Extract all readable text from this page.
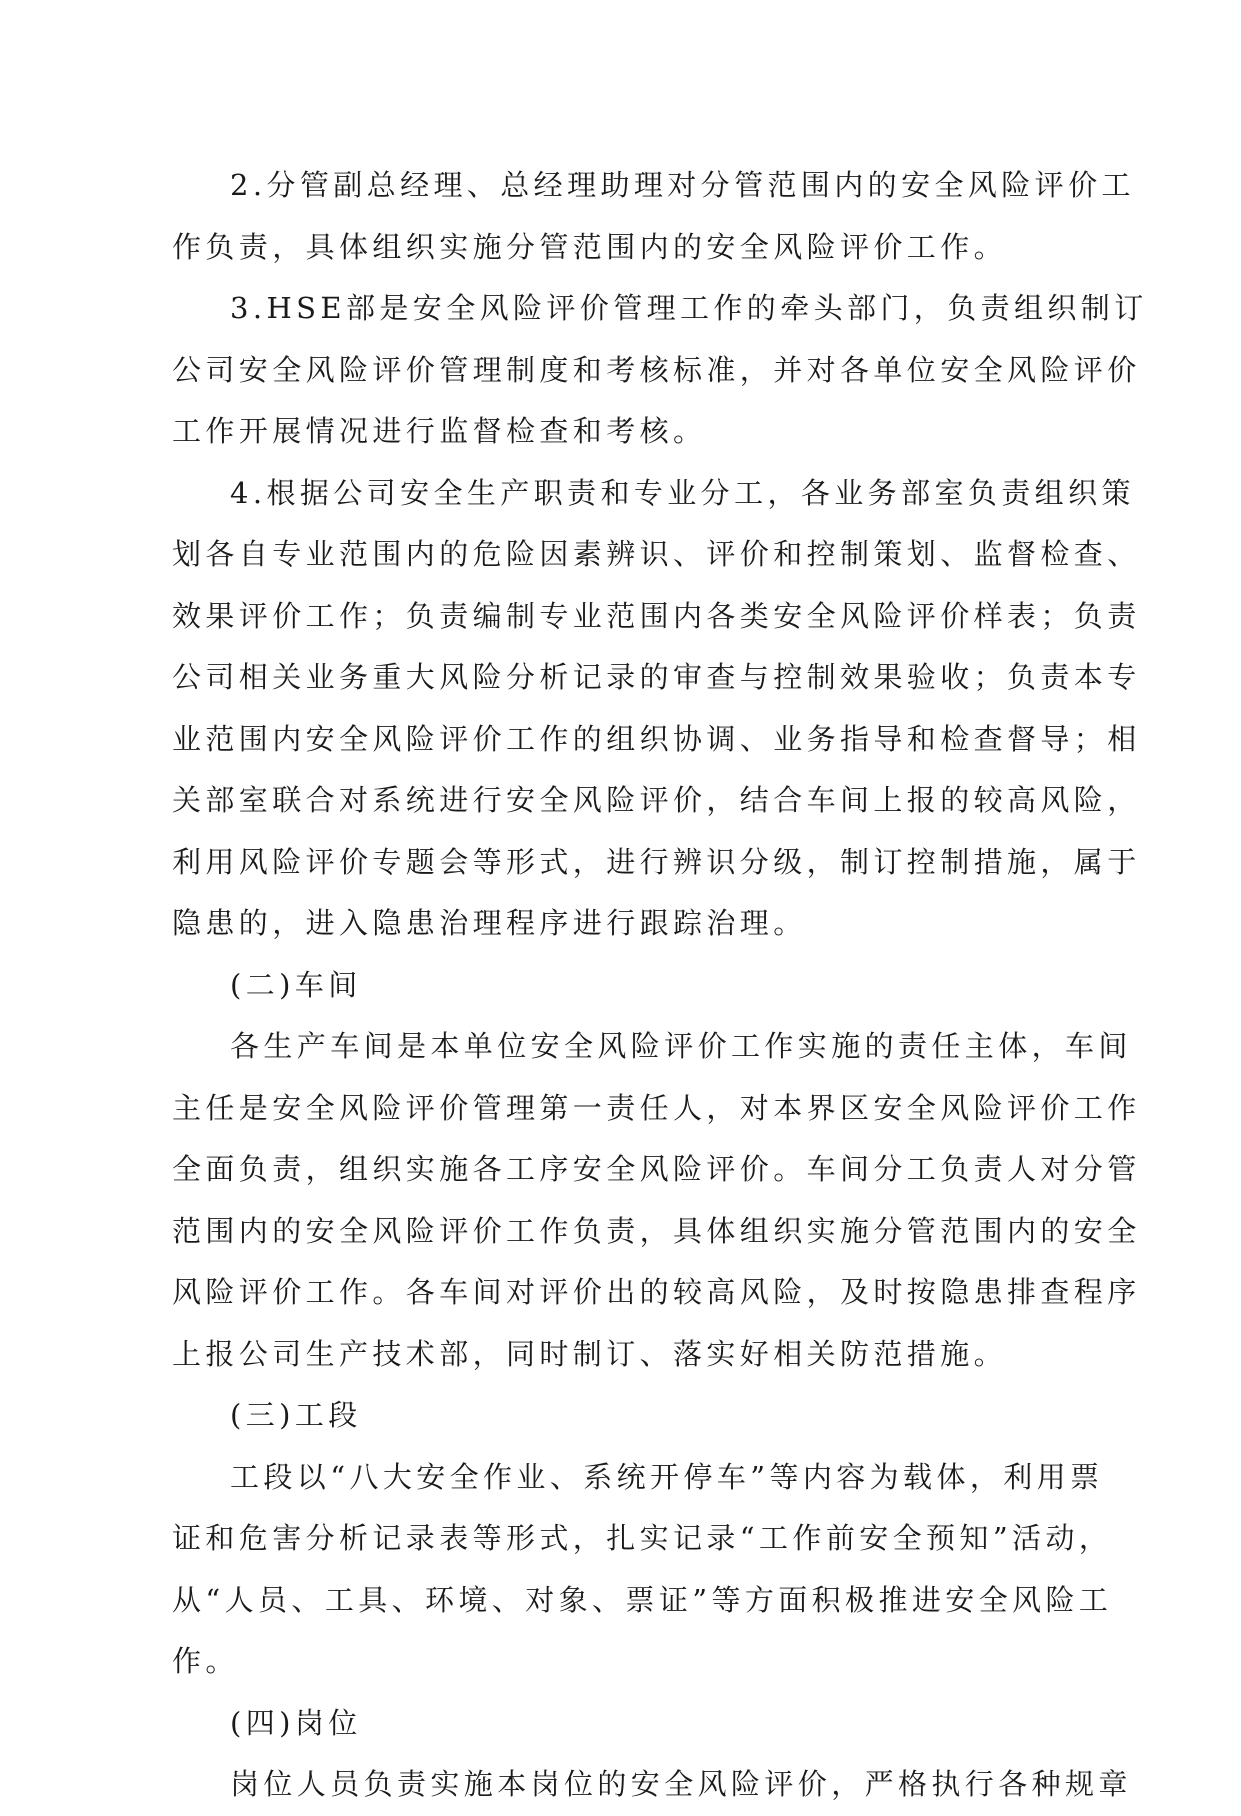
2.分管副总经理、总经理助理对分管范围内的安全风险评价工
作负责，具体组织实施分管范围内的安全风险评价工作。
3.HSE部是安全风险评价管理工作的牵头部门，负责组织制订
公司安全风险评价管理制度和考核标准，并对各单位安全风险评价
工作开展情况进行监督检查和考核。
4.根据公司安全生产职责和专业分工，各业务部室负责组织策
划各自专业范围内的危险因素辨识、评价和控制策划、监督检查、
效果评价工作；负责编制专业范围内各类安全风险评价样表；负责
公司相关业务重大风险分析记录的审查与控制效果验收；负责本专
业范围内安全风险评价工作的组织协调、业务指导和检查督导；相
关部室联合对系统进行安全风险评价，结合车间上报的较高风险，
利用风险评价专题会等形式，进行辨识分级，制订控制措施，属于
隐患的，进入隐患治理程序进行跟踪治理。
(二)车间
各生产车间是本单位安全风险评价工作实施的责任主体，车间
主任是安全风险评价管理第一责任人，对本界区安全风险评价工作
全面负责，组织实施各工序安全风险评价。车间分工负责人对分管
范围内的安全风险评价工作负责，具体组织实施分管范围内的安全
风险评价工作。各车间对评价出的较高风险，及时按隐患排查程序
上报公司生产技术部，同时制订、落实好相关防范措施。
(三)工段
工段以“八大安全作业、系统开停车”等内容为载体，利用票
证和危害分析记录表等形式，扎实记录“工作前安全预知”活动，
从“人员、工具、环境、对象、票证”等方面积极推进安全风险工
作。
(四)岗位
岗位人员负责实施本岗位的安全风险评价，严格执行各种规章
